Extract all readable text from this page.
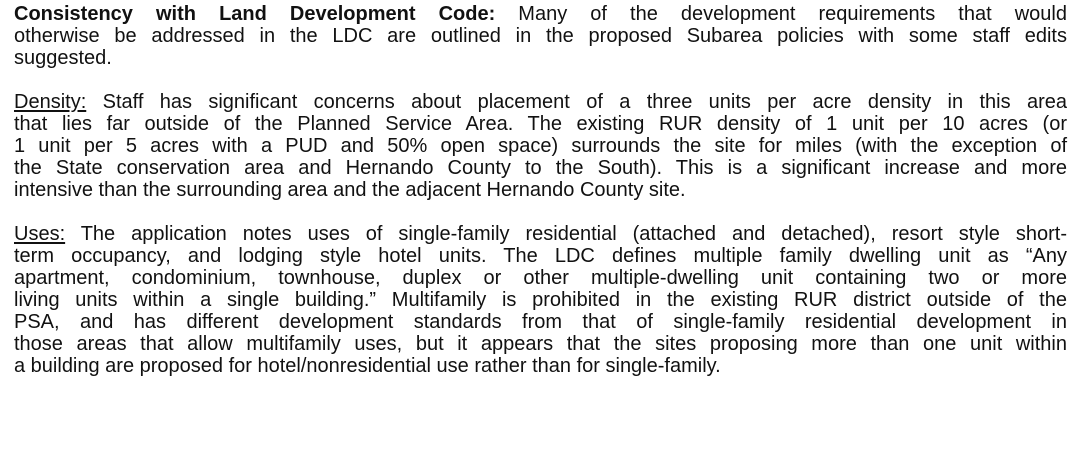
Consistency with Land Development Code: Many of the development requirements that would
otherwise be addressed in the LDC are outlined in the proposed Subarea policies with some staff edits
suggested.
Density: Staff has significant concerns about placement of a three units per acre density in this area
that lies far outside of the Planned Service Area. The existing RUR density of 1 unit per 10 acres (or
1 unit per 5 acres with a PUD and 50% open space) surrounds the site for miles (with the exception of
the State conservation area and Hernando County to the South). This is a significant increase and more
intensive than the surrounding area and the adjacent Hernando County site.
Uses: The application notes uses of single-family residential (attached and detached), resort style short-
term occupancy, and lodging style hotel units. The LDC defines multiple family dwelling unit as “Any
apartment, condominium, townhouse, duplex or other multiple-dwelling unit containing two or more
living units within a single building.” Multifamily is prohibited in the existing RUR district outside of the
PSA, and has different development standards from that of single-family residential development in
those areas that allow multifamily uses, but it appears that the sites proposing more than one unit within
a building are proposed for hotel/nonresidential use rather than for single-family.
